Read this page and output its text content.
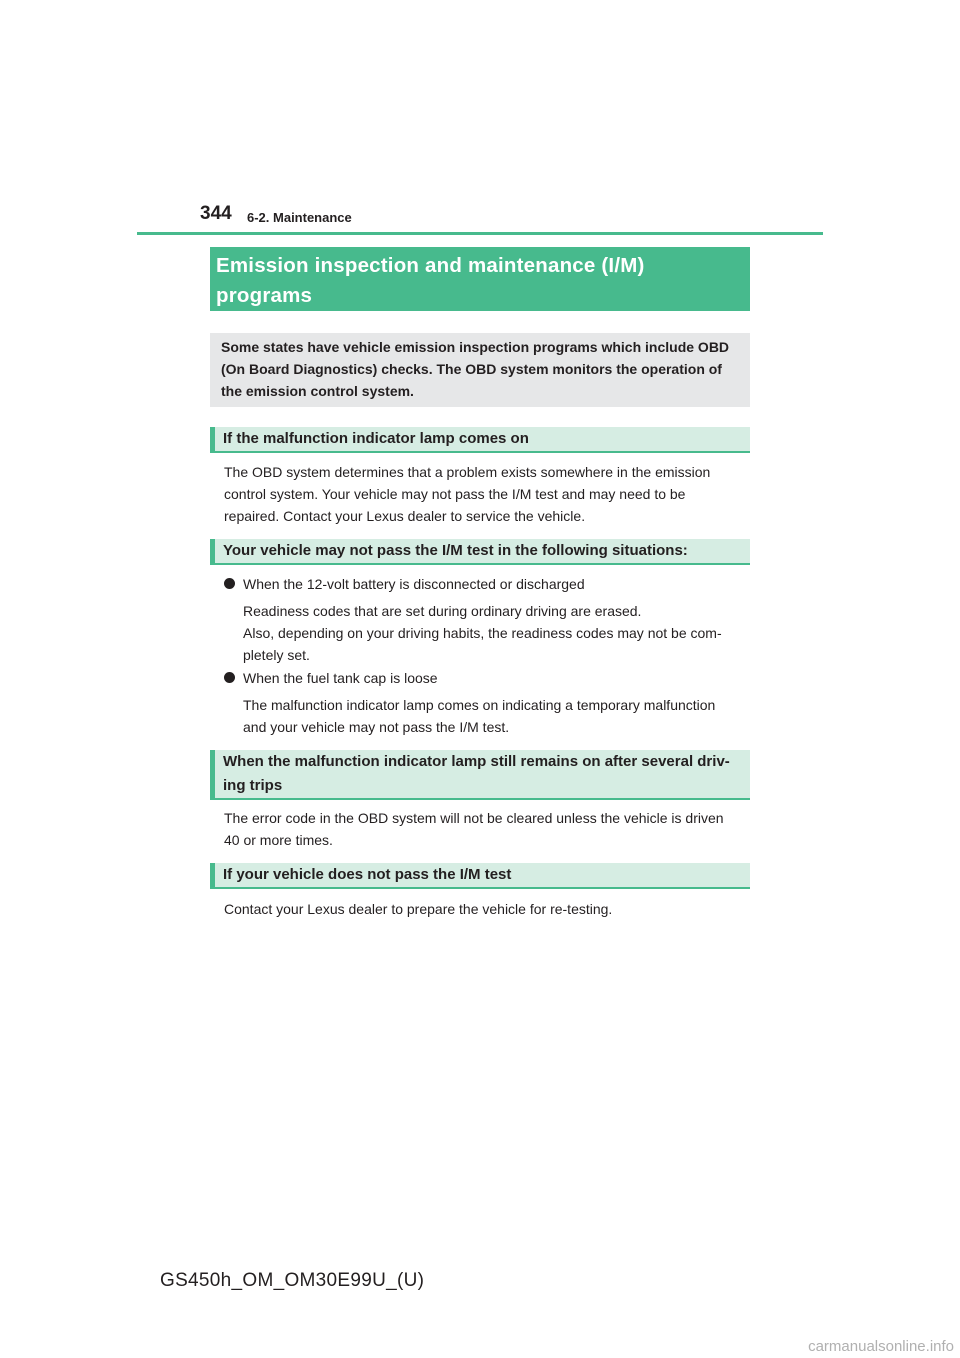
344 6-2. Maintenance
Emission inspection and maintenance (I/M)
programs

Some states have vehicle emission inspection programs which include OBD
(On Board Diagnostics) checks. The OBD system monitors the operation of
the emission control system.

If the malfunction indicator lamp comes on

The OBD system determines that a problem exists somewhere in the emission
control system. Your vehicle may not pass the I/M test and may need to be
repaired. Contact your Lexus dealer to service the vehicle.

Your vehicle may not pass the I/M test in the following situations:
When the 12-volt battery is disconnected or discharged

Readiness codes that are set during ordinary driving are erased.
Also, depending on your driving habits, the readiness codes may not be com-
pletely set.

When the fuel tank cap is loose

The malfunction indicator lamp comes on indicating a temporary malfunction
and your vehicle may not pass the I/M test.

When the malfunction indicator lamp still remains on after several driv-
ing trips

The error code in the OBD system will not be cleared unless the vehicle is driven
40 or more times.

If your vehicle does not pass the I/M test

Contact your Lexus dealer to prepare the vehicle for re-testing.

GS450h_OM_OM30E99U_(U)
carmanualsonline.info
